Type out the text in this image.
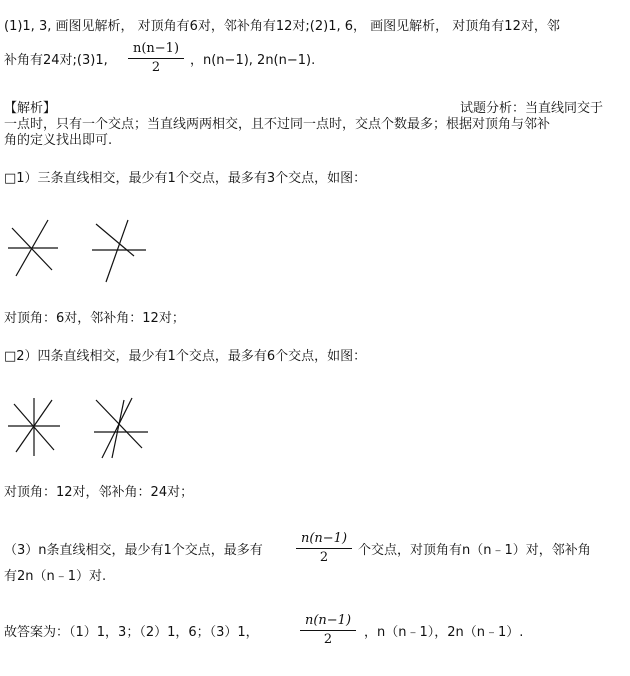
(1)1, 3, 画图见解析， 对顶角有6对，邻补角有12对;(2)1, 6， 画图见解析， 对顶角有12对，邻
补角有24对;(3)1, $\frac{n(n-1)}{2}$ ，n(n−1), 2n(n−1).
【解析】	试题分析：当直线同交于
一点时，只有一个交点；当直线两两相交，且不过同一点时，交点个数最多；根据对顶角与邻补
角的定义找出即可.
□1）三条直线相交，最少有1个交点，最多有3个交点，如图：
对顶角：6对，邻补角：12对；
□2）四条直线相交，最少有1个交点，最多有6个交点，如图：
对顶角：12对，邻补角：24对；
（3）n条直线相交，最少有1个交点，最多有	$\frac{n(n-1)}{2}$ 个交点，对顶角有n（n﹣1）对，邻补角
有2n（n﹣1）对.
故答案为：（1）1，3；（2）1，6；（3）1，	$\frac{n(n-1)}{2}$ ，n（n﹣1），2n（n﹣1）.
